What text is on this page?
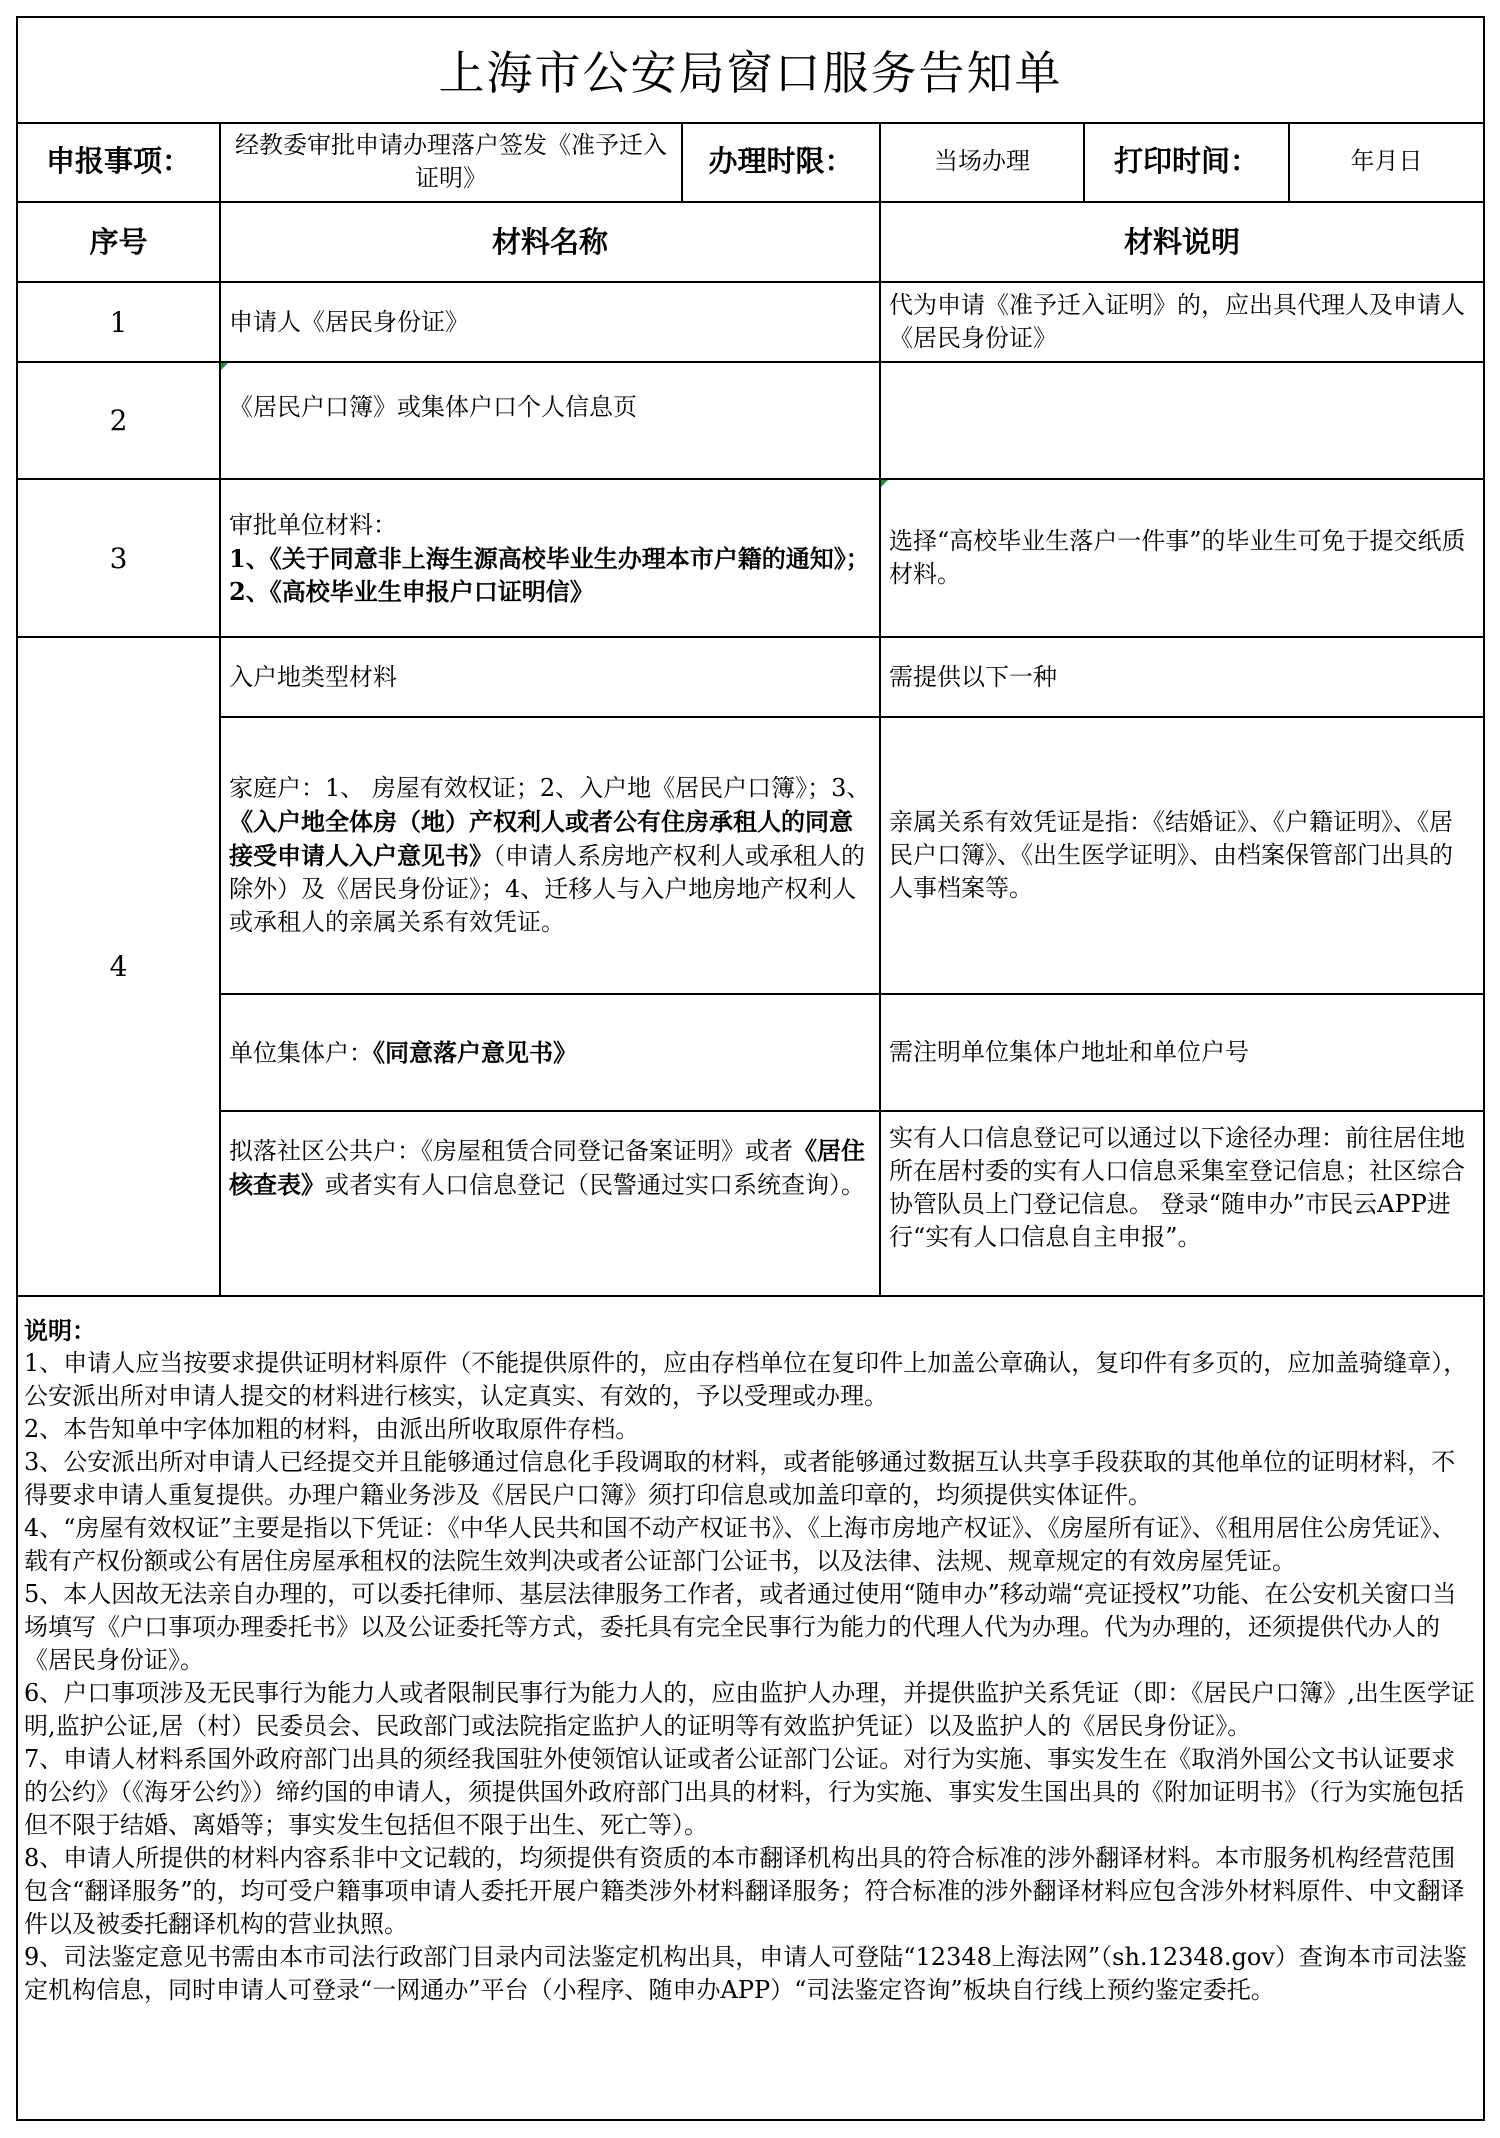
上海市公安局窗口服务告知单
申报事项：	经教委审批申请办理落户签发《准予迁入证明》	办理时限：	当场办理	打印时间：	年月日
序号	材料名称		材料说明		
1	申请人《居民身份证》		代为申请《准予迁入证明》的，应出具代理人及申请人《居民身份证》		
2	《居民户口簿》或集体户口个人信息页				
3	审批单位材料：
1、《关于同意非上海生源高校毕业生办理本市户籍的通知》；
2、《高校毕业生申报户口证明信》		选择“高校毕业生落户一件事”的毕业生可免于提交纸质材料。		
4	入户地类型材料		需提供以下一种		
	家庭户：1、 房屋有效权证；2、入户地《居民户口簿》；3、《入户地全体房（地）产权利人或者公有住房承租人的同意接受申请人入户意见书》（申请人系房地产权利人或承租人的除外）及《居民身份证》；4、迁移人与入户地房地产权利人或承租人的亲属关系有效凭证。		亲属关系有效凭证是指：《结婚证》、《户籍证明》、《居民户口簿》、《出生医学证明》、由档案保管部门出具的人事档案等。		
	单位集体户：《同意落户意见书》		需注明单位集体户地址和单位户号		
	拟落社区公共户：《房屋租赁合同登记备案证明》或者《居住核查表》或者实有人口信息登记（民警通过实口系统查询）。		实有人口信息登记可以通过以下途径办理：前往居住地所在居村委的实有人口信息采集室登记信息；社区综合协管队员上门登记信息。 登录“随申办”市民云APP进行“实有人口信息自主申报”。		

说明：

1、申请人应当按要求提供证明材料原件（不能提供原件的，应由存档单位在复印件上加盖公章确认，复印件有多页的，应加盖骑缝章），公安派出所对申请人提交的材料进行核实，认定真实、有效的，予以受理或办理。

2、本告知单中字体加粗的材料，由派出所收取原件存档。

3、公安派出所对申请人已经提交并且能够通过信息化手段调取的材料，或者能够通过数据互认共享手段获取的其他单位的证明材料，不得要求申请人重复提供。办理户籍业务涉及《居民户口簿》须打印信息或加盖印章的，均须提供实体证件。

4、“房屋有效权证”主要是指以下凭证：《中华人民共和国不动产权证书》、《上海市房地产权证》、《房屋所有证》、《租用居住公房凭证》、载有产权份额或公有居住房屋承租权的法院生效判决或者公证部门公证书，以及法律、法规、规章规定的有效房屋凭证。

5、本人因故无法亲自办理的，可以委托律师、基层法律服务工作者，或者通过使用“随申办”移动端“亮证授权”功能、在公安机关窗口当场填写《户口事项办理委托书》以及公证委托等方式，委托具有完全民事行为能力的代理人代为办理。代为办理的，还须提供代办人的《居民身份证》。

6、户口事项涉及无民事行为能力人或者限制民事行为能力人的，应由监护人办理，并提供监护关系凭证（即：《居民户口簿》,出生医学证明,监护公证,居（村）民委员会、民政部门或法院指定监护人的证明等有效监护凭证）以及监护人的《居民身份证》。

7、申请人材料系国外政府部门出具的须经我国驻外使领馆认证或者公证部门公证。对行为实施、事实发生在《取消外国公文书认证要求的公约》（《海牙公约》）缔约国的申请人，须提供国外政府部门出具的材料，行为实施、事实发生国出具的《附加证明书》（行为实施包括但不限于结婚、离婚等；事实发生包括但不限于出生、死亡等）。

8、申请人所提供的材料内容系非中文记载的，均须提供有资质的本市翻译机构出具的符合标准的涉外翻译材料。本市服务机构经营范围包含“翻译服务”的，均可受户籍事项申请人委托开展户籍类涉外材料翻译服务；符合标准的涉外翻译材料应包含涉外材料原件、中文翻译件以及被委托翻译机构的营业执照。

9、司法鉴定意见书需由本市司法行政部门目录内司法鉴定机构出具，申请人可登陆“12348上海法网”（sh.12348.gov）查询本市司法鉴定机构信息，同时申请人可登录“一网通办”平台（小程序、随申办APP）“司法鉴定咨询”板块自行线上预约鉴定委托。
